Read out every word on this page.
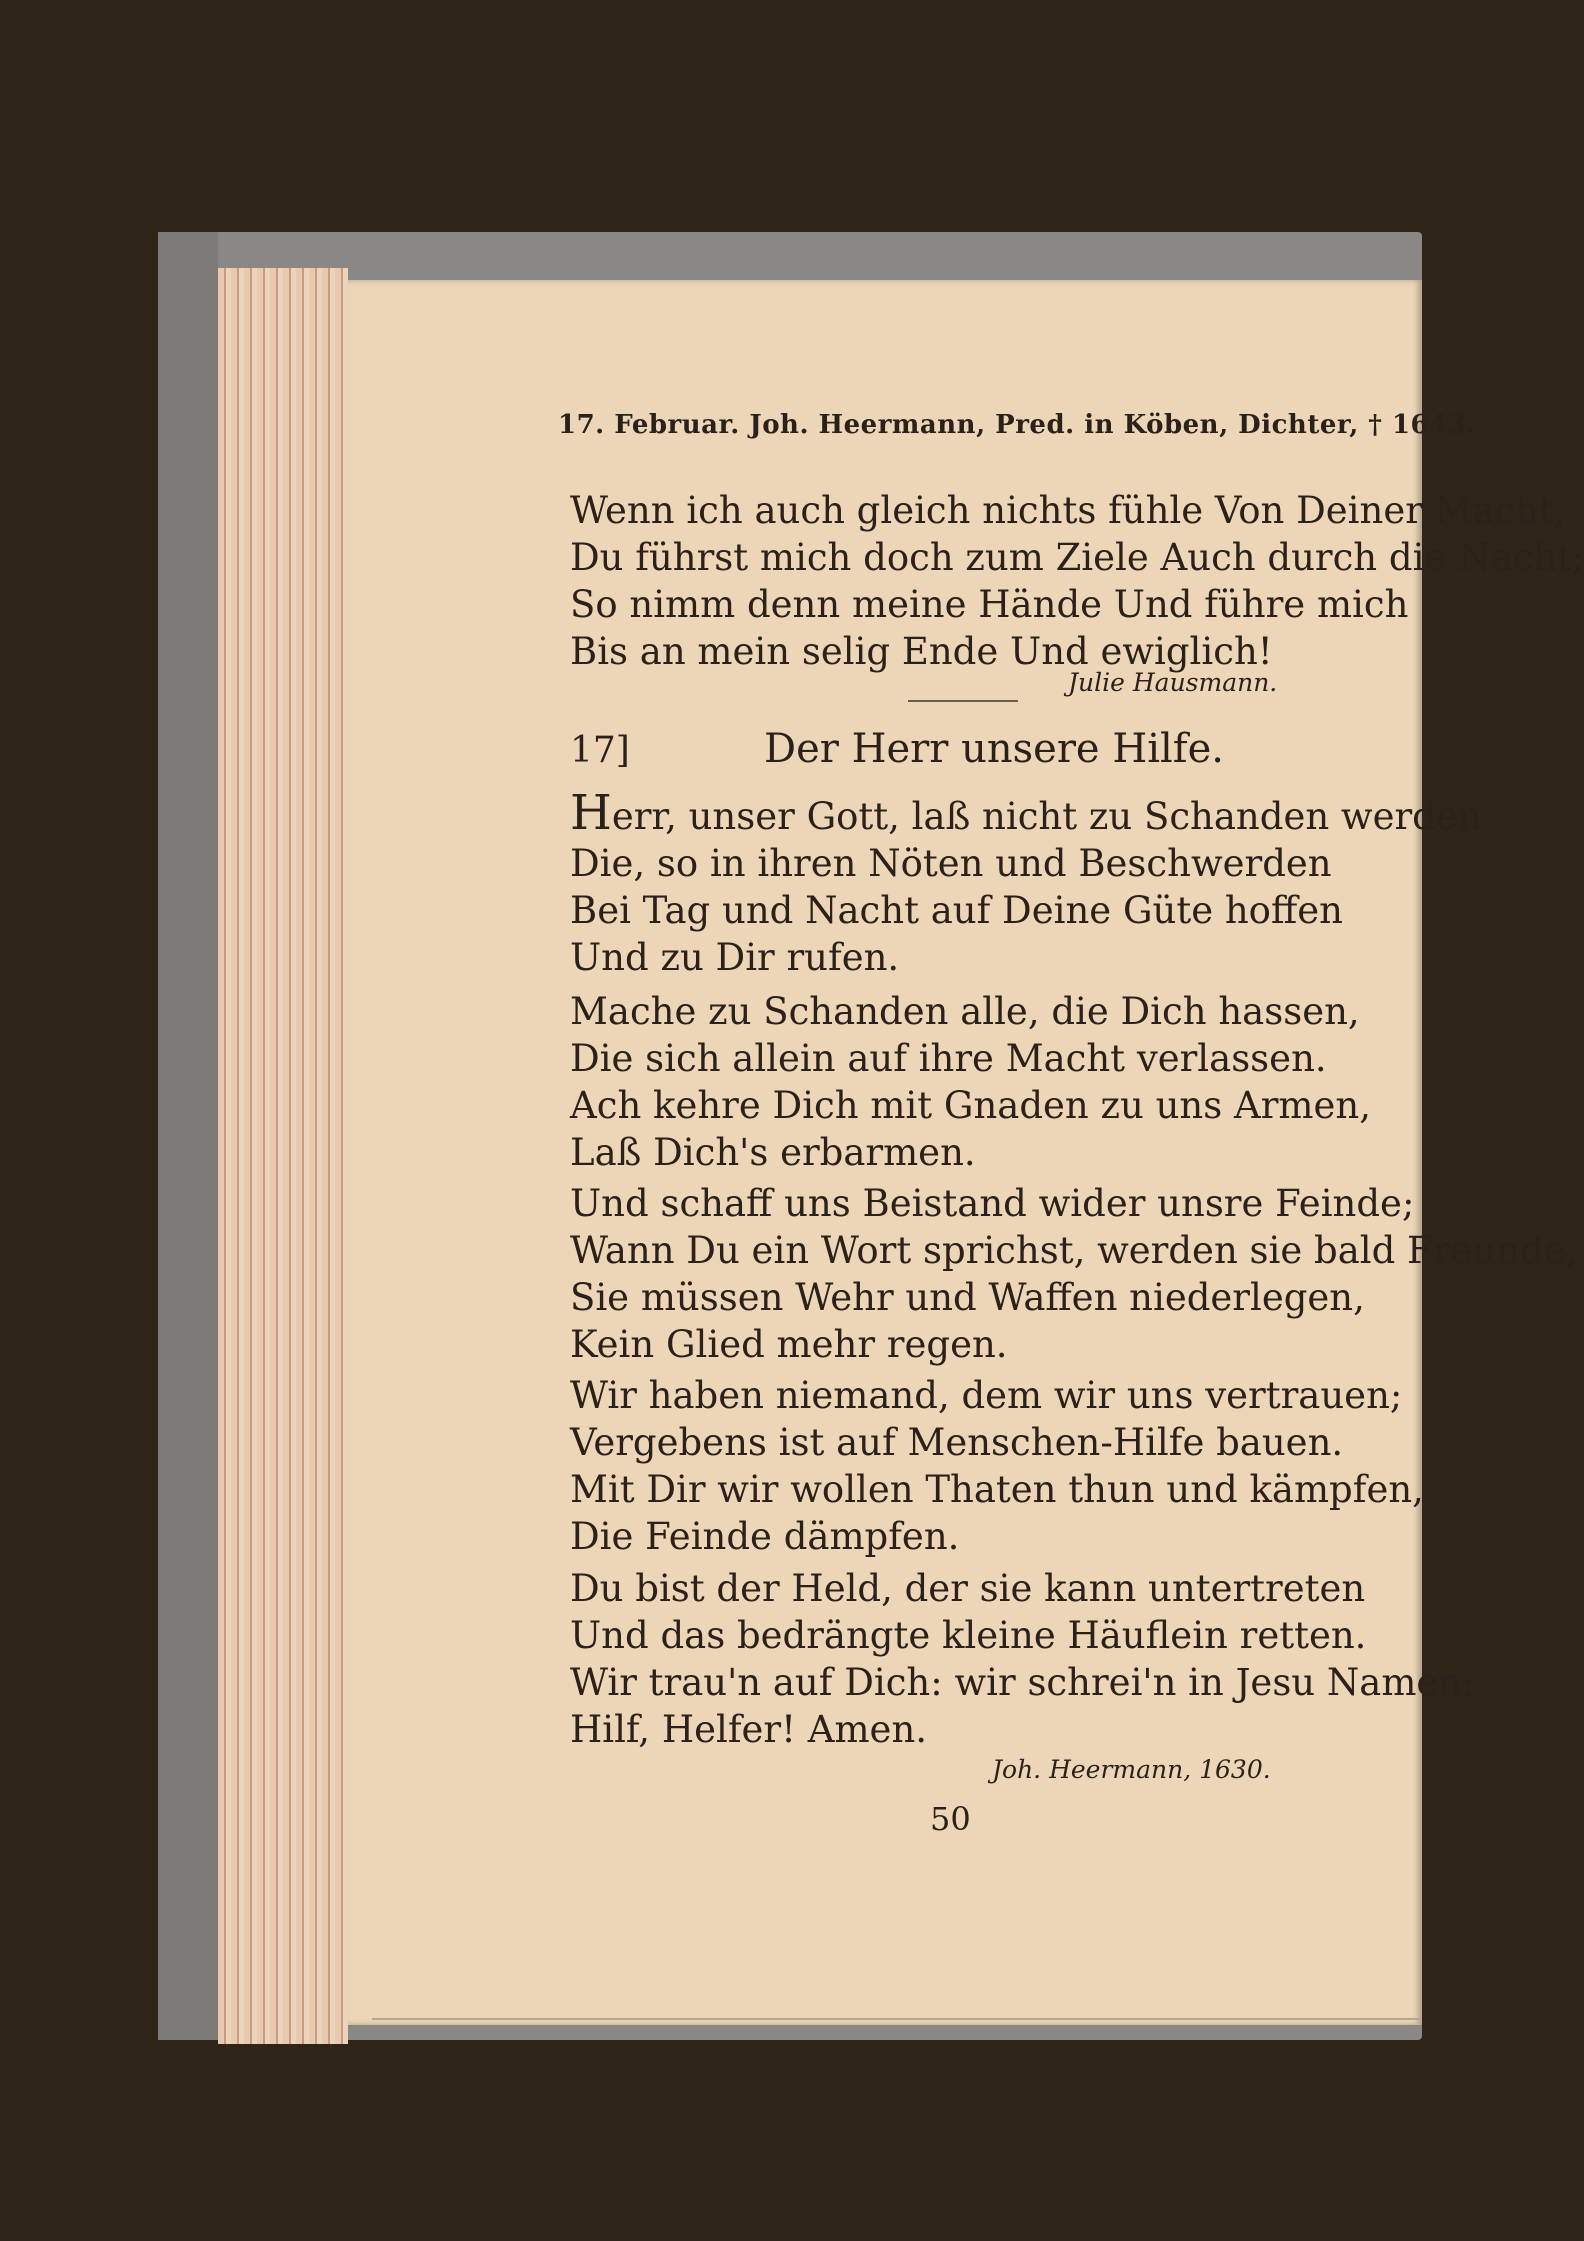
17. Februar. Joh. Heermann, Pred. in Köben, Dichter, † 1643.
Wenn ich auch gleich nichts fühle Von Deiner Macht,
Du führst mich doch zum Ziele Auch durch die Nacht;
So nimm denn meine Hände Und führe mich
Bis an mein selig Ende Und ewiglich!
Julie Hausmann.
17]	Der Herr unsere Hilfe.
Herr, unser Gott, laß nicht zu Schanden werden
Die, so in ihren Nöten und Beschwerden
Bei Tag und Nacht auf Deine Güte hoffen
Und zu Dir rufen.
Mache zu Schanden alle, die Dich hassen,
Die sich allein auf ihre Macht verlassen.
Ach kehre Dich mit Gnaden zu uns Armen,
Laß Dich's erbarmen.
Und schaff uns Beistand wider unsre Feinde;
Wann Du ein Wort sprichst, werden sie bald Freunde,
Sie müssen Wehr und Waffen niederlegen,
Kein Glied mehr regen.
Wir haben niemand, dem wir uns vertrauen;
Vergebens ist auf Menschen-Hilfe bauen.
Mit Dir wir wollen Thaten thun und kämpfen,
Die Feinde dämpfen.
Du bist der Held, der sie kann untertreten
Und das bedrängte kleine Häuflein retten.
Wir trau'n auf Dich: wir schrei'n in Jesu Namen:
Hilf, Helfer! Amen.
Joh. Heermann, 1630.
50
